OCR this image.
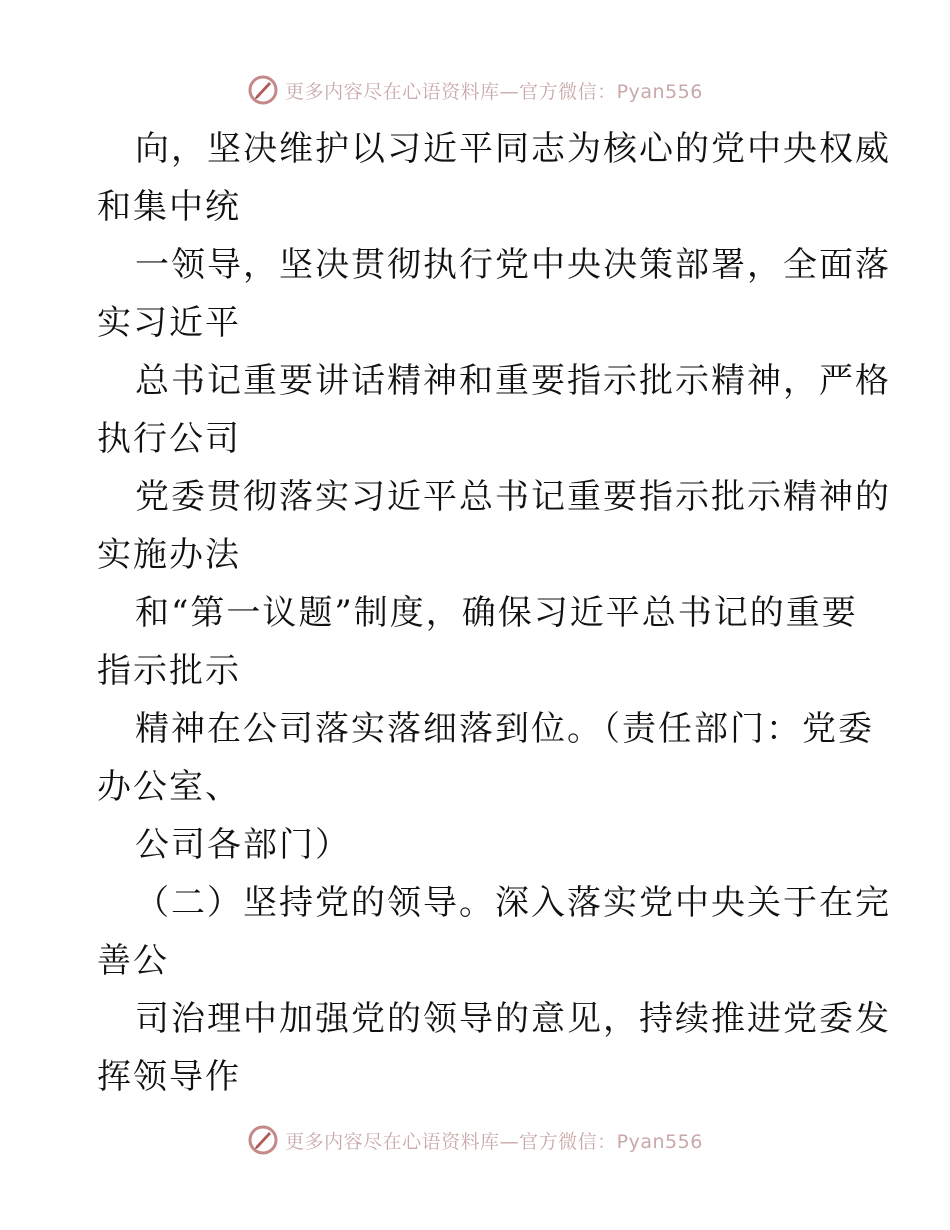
更多内容尽在心语资料库—官方微信：Pyan556
向，坚决维护以习近平同志为核心的党中央权威
和集中统
一领导，坚决贯彻执行党中央决策部署，全面落
实习近平
总书记重要讲话精神和重要指示批示精神，严格
执行公司
党委贯彻落实习近平总书记重要指示批示精神的
实施办法
和“第一议题”制度，确保习近平总书记的重要
指示批示
精神在公司落实落细落到位。（责任部门：党委
办公室、
公司各部门）
（二）坚持党的领导。深入落实党中央关于在完
善公
司治理中加强党的领导的意见，持续推进党委发
挥领导作
更多内容尽在心语资料库—官方微信：Pyan556
